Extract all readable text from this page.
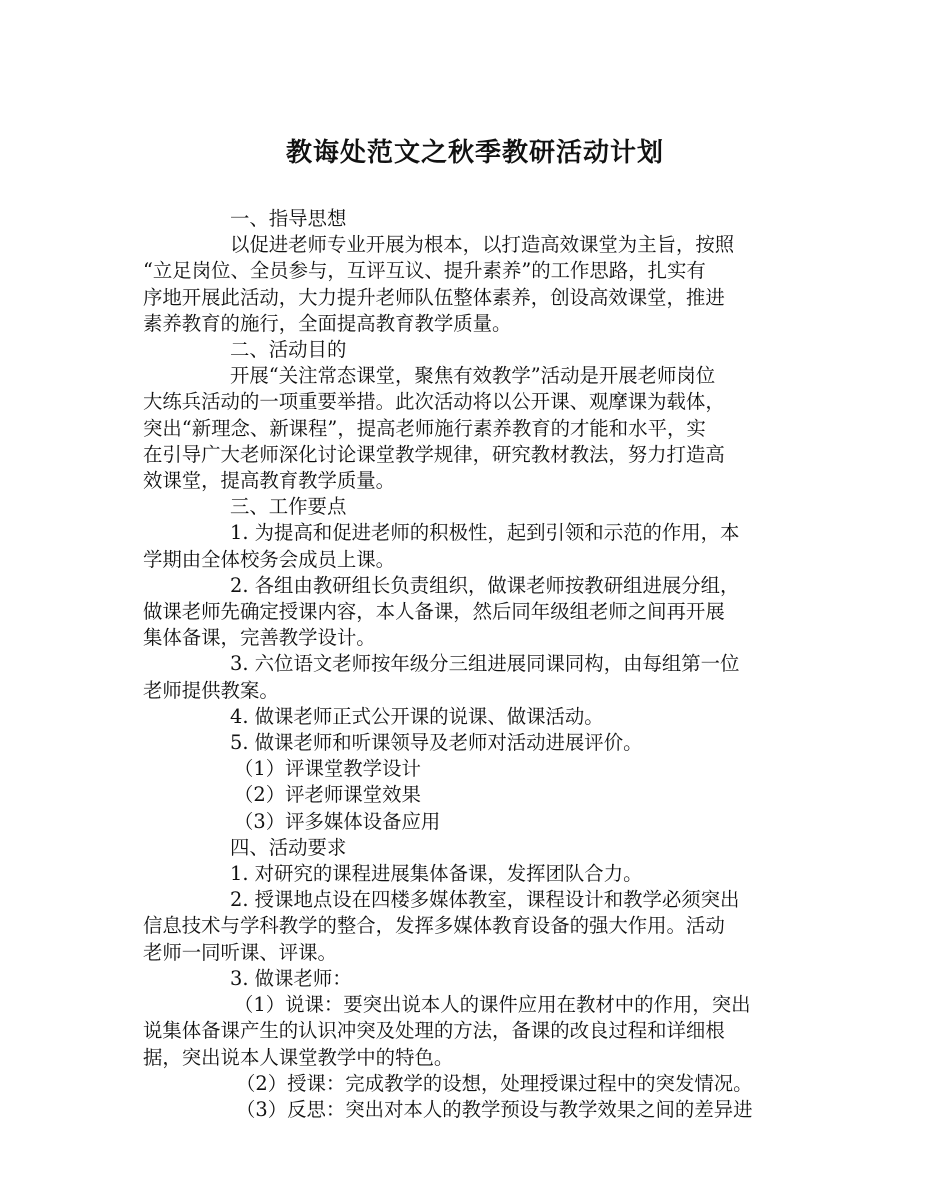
教诲处范文之秋季教研活动计划
一、指导思想
以促进老师专业开展为根本，以打造高效课堂为主旨，按照
“立足岗位、全员参与，互评互议、提升素养”的工作思路，扎实有
序地开展此活动，大力提升老师队伍整体素养，创设高效课堂，推进
素养教育的施行，全面提高教育教学质量。
二、活动目的
开展“关注常态课堂，聚焦有效教学”活动是开展老师岗位
大练兵活动的一项重要举措。此次活动将以公开课、观摩课为载体，
突出“新理念、新课程”，提高老师施行素养教育的才能和水平，实
在引导广大老师深化讨论课堂教学规律，研究教材教法，努力打造高
效课堂，提高教育教学质量。
三、工作要点
1. 为提高和促进老师的积极性，起到引领和示范的作用，本
学期由全体校务会成员上课。
2. 各组由教研组长负责组织，做课老师按教研组进展分组，
做课老师先确定授课内容，本人备课，然后同年级组老师之间再开展
集体备课，完善教学设计。
3. 六位语文老师按年级分三组进展同课同构，由每组第一位
老师提供教案。
4. 做课老师正式公开课的说课、做课活动。
5. 做课老师和听课领导及老师对活动进展评价。
（1）评课堂教学设计
（2）评老师课堂效果
（3）评多媒体设备应用
四、活动要求
1. 对研究的课程进展集体备课，发挥团队合力。
2. 授课地点设在四楼多媒体教室，课程设计和教学必须突出
信息技术与学科教学的整合，发挥多媒体教育设备的强大作用。活动
老师一同听课、评课。
3. 做课老师：
（1）说课：要突出说本人的课件应用在教材中的作用，突出
说集体备课产生的认识冲突及处理的方法，备课的改良过程和详细根
据，突出说本人课堂教学中的特色。
（2）授课：完成教学的设想，处理授课过程中的突发情况。
（3）反思：突出对本人的教学预设与教学效果之间的差异进
